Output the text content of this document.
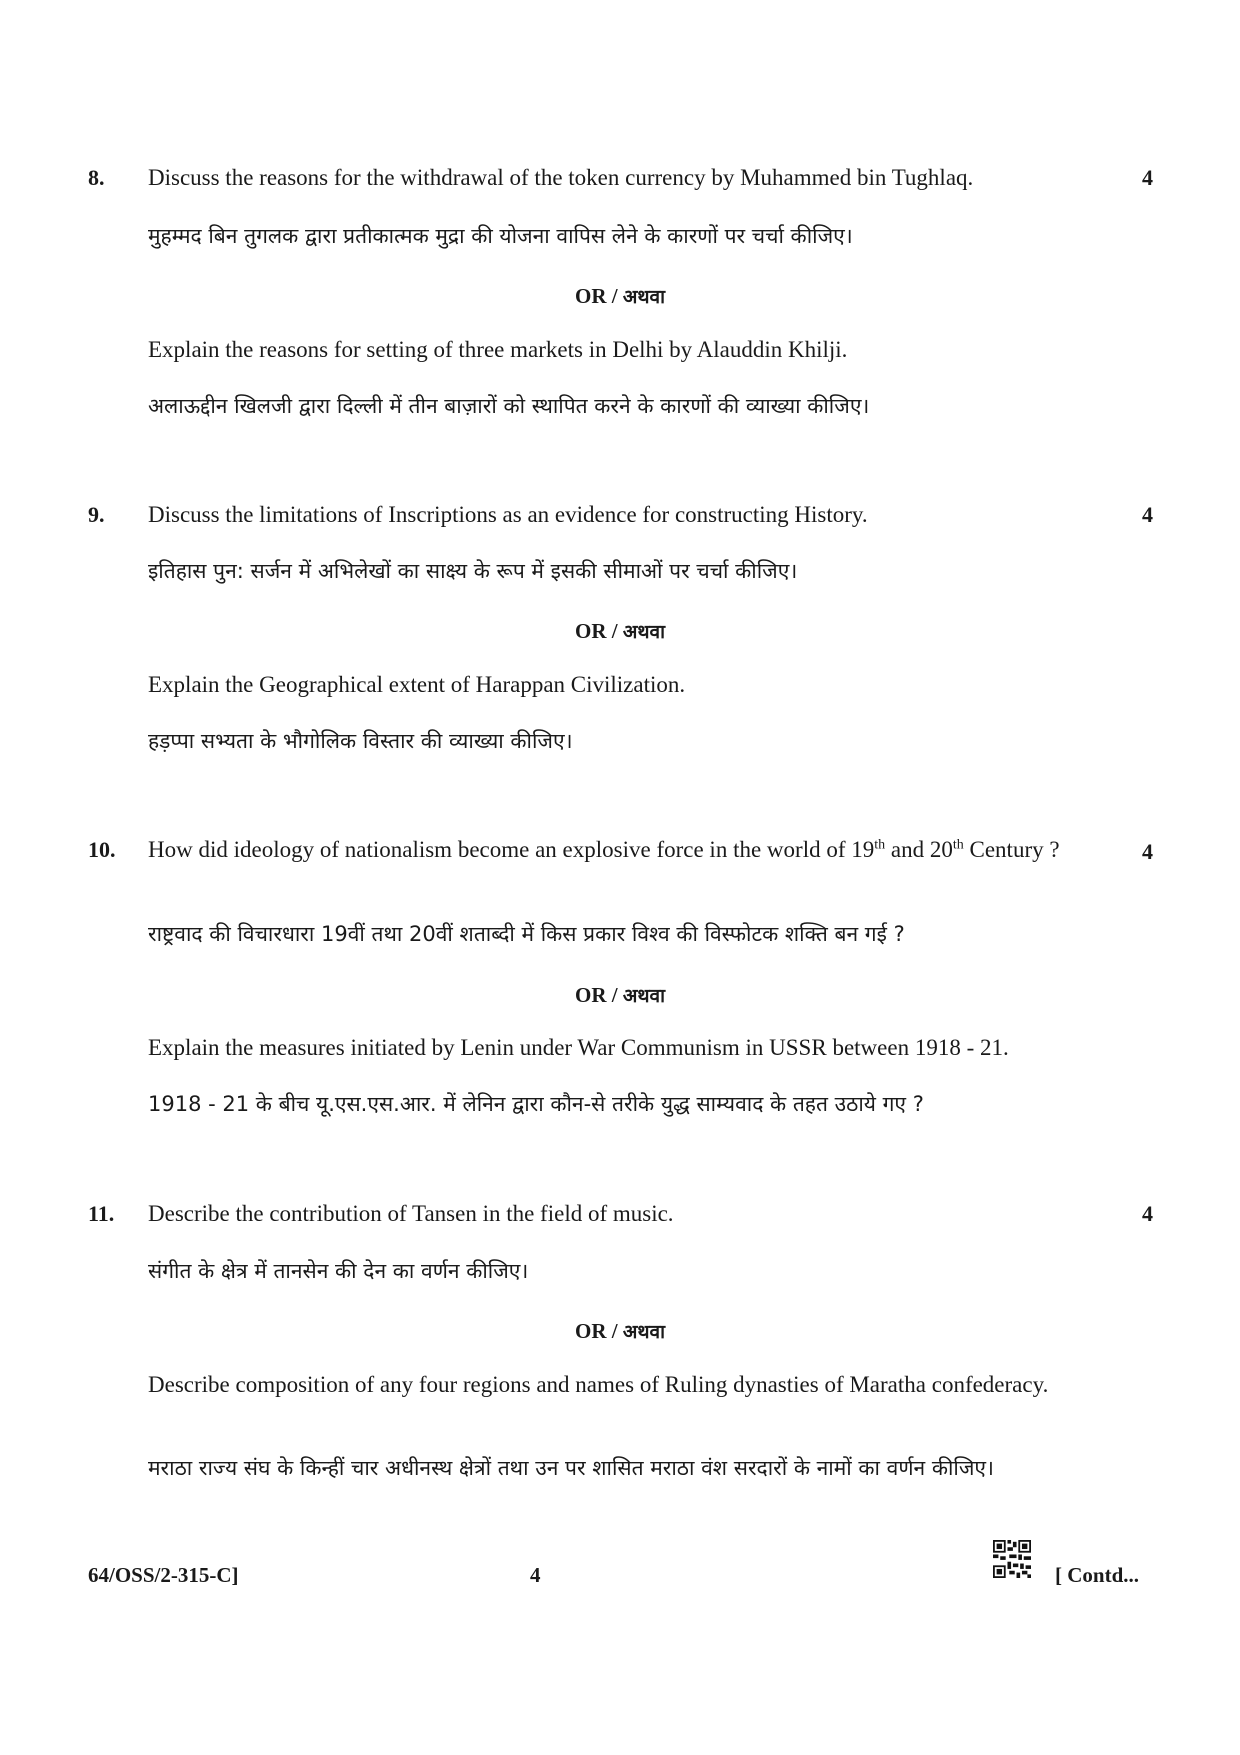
8. Discuss the reasons for the withdrawal of the token currency by Muhammed bin Tughlaq.	4
मुहम्मद बिन तुगलक द्वारा प्रतीकात्मक मुद्रा की योजना वापिस लेने के कारणों पर चर्चा कीजिए।
OR / अथवा
Explain the reasons for setting of three markets in Delhi by Alauddin Khilji.
अलाऊद्दीन खिलजी द्वारा दिल्ली में तीन बाज़ारों को स्थापित करने के कारणों की व्याख्या कीजिए।
9. Discuss the limitations of Inscriptions as an evidence for constructing History.	4
इतिहास पुन: सर्जन में अभिलेखों का साक्ष्य के रूप में इसकी सीमाओं पर चर्चा कीजिए।
OR / अथवा
Explain the Geographical extent of Harappan Civilization.
हड़प्पा सभ्यता के भौगोलिक विस्तार की व्याख्या कीजिए।
10. How did ideology of nationalism become an explosive force in the world of 19th and 20th Century ?	4
राष्ट्रवाद की विचारधारा 19वीं तथा 20वीं शताब्दी में किस प्रकार विश्व की विस्फोटक शक्ति बन गई ?
OR / अथवा
Explain the measures initiated by Lenin under War Communism in USSR between 1918 - 21.
1918 - 21 के बीच यू.एस.एस.आर. में लेनिन द्वारा कौन-से तरीके युद्ध साम्यवाद के तहत उठाये गए ?
11. Describe the contribution of Tansen in the field of music.	4
संगीत के क्षेत्र में तानसेन की देन का वर्णन कीजिए।
OR / अथवा
Describe composition of any four regions and names of Ruling dynasties of Maratha confederacy.
मराठा राज्य संघ के किन्हीं चार अधीनस्थ क्षेत्रों तथा उन पर शासित मराठा वंश सरदारों के नामों का वर्णन कीजिए।
64/OSS/2-315-C]	4	[ Contd...
